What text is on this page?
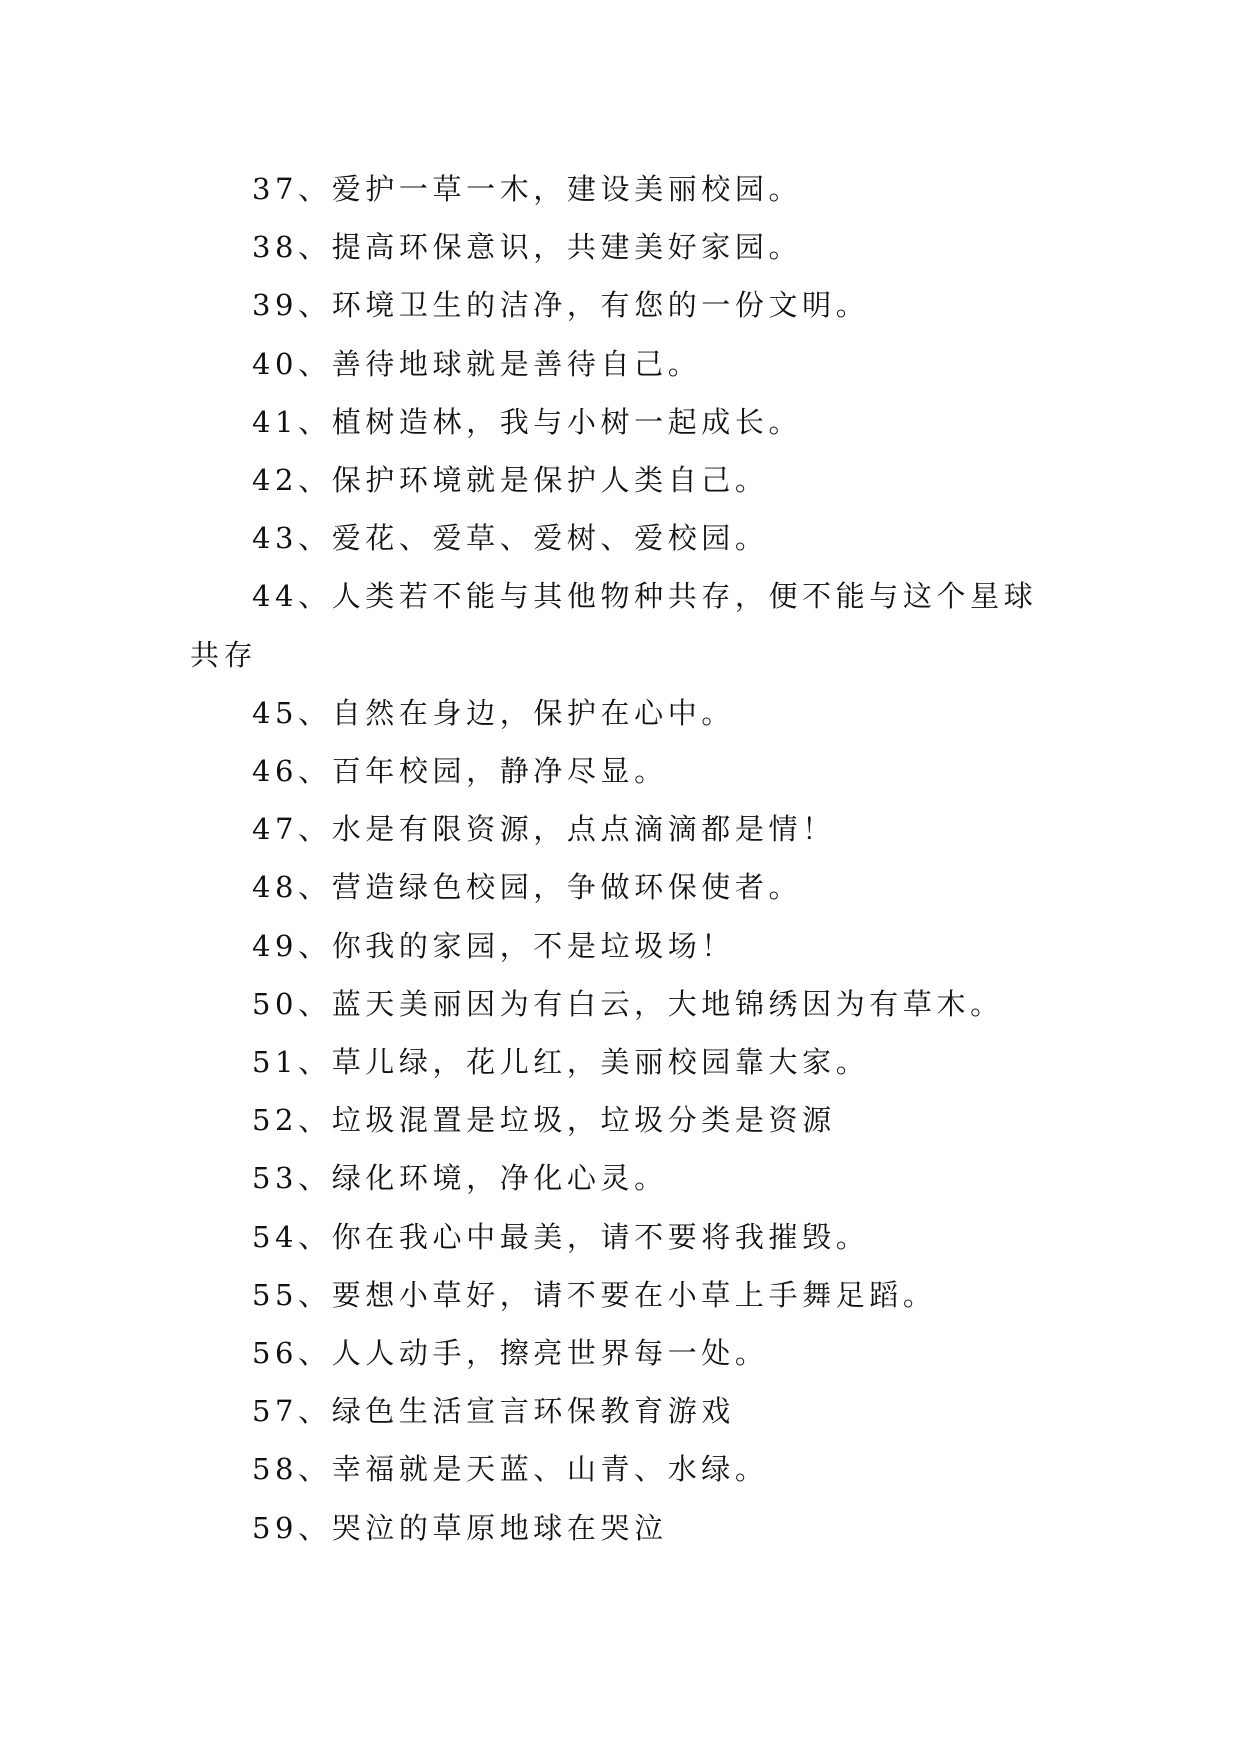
37、爱护一草一木，建设美丽校园。
38、提高环保意识，共建美好家园。
39、环境卫生的洁净，有您的一份文明。
40、善待地球就是善待自己。
41、植树造林，我与小树一起成长。
42、保护环境就是保护人类自己。
43、爱花、爱草、爱树、爱校园。
44、人类若不能与其他物种共存，便不能与这个星球共存
45、自然在身边，保护在心中。
46、百年校园，静净尽显。
47、水是有限资源，点点滴滴都是情！
48、营造绿色校园，争做环保使者。
49、你我的家园，不是垃圾场！
50、蓝天美丽因为有白云，大地锦绣因为有草木。
51、草儿绿，花儿红，美丽校园靠大家。
52、垃圾混置是垃圾，垃圾分类是资源
53、绿化环境，净化心灵。
54、你在我心中最美，请不要将我摧毁。
55、要想小草好，请不要在小草上手舞足蹈。
56、人人动手，擦亮世界每一处。
57、绿色生活宣言环保教育游戏
58、幸福就是天蓝、山青、水绿。
59、哭泣的草原地球在哭泣
